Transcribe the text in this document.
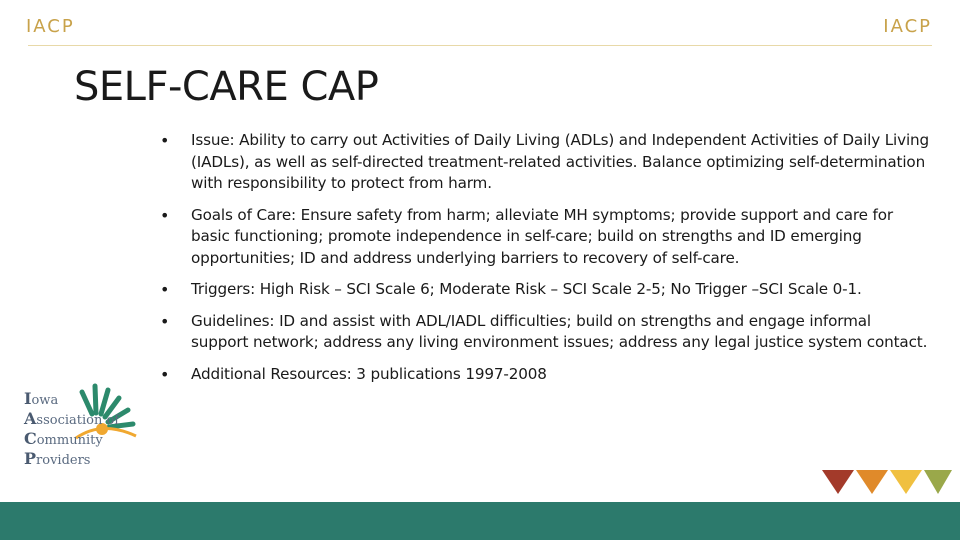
IACP	IACP
SELF-CARE CAP
• Issue: Ability to carry out Activities of Daily Living (ADLs) and Independent Activities of Daily Living (IADLs), as well as self-directed treatment-related activities. Balance optimizing self-determination with responsibility to protect from harm.
• Goals of Care: Ensure safety from harm; alleviate MH symptoms; provide support and care for basic functioning; promote independence in self-care; build on strengths and ID emerging opportunities; ID and address underlying barriers to recovery of self-care.
• Triggers: High Risk – SCI Scale 6; Moderate Risk – SCI Scale 2-5; No Trigger –SCI Scale 0-1.
• Guidelines: ID and assist with ADL/IADL difficulties; build on strengths and engage informal support network; address any living environment issues; address any legal justice system contact.
• Additional Resources: 3 publications 1997-2008
Iowa
Association of
Community
Providers
